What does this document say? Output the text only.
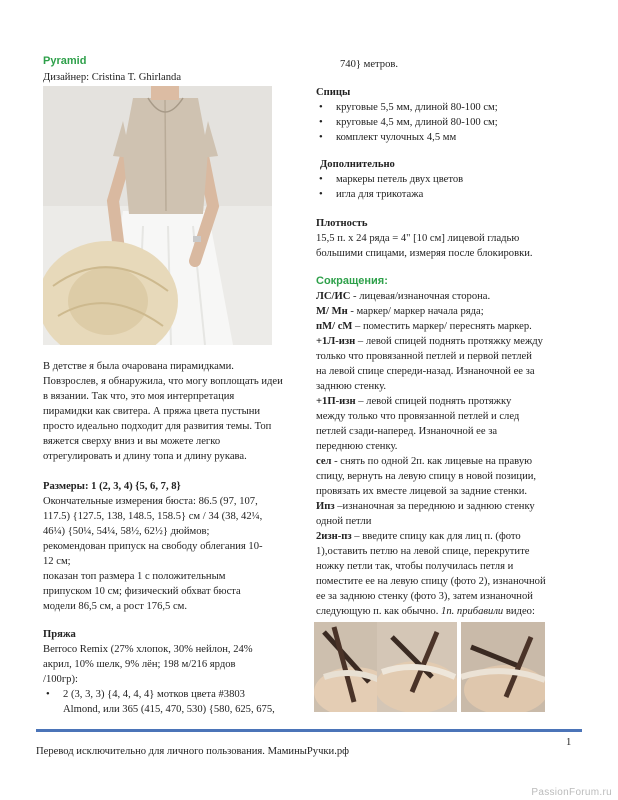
Pyramid
Дизайнер: Cristina T. Ghirlanda
В детстве я была очарована пирамидками. Повзрослев, я обнаружила, что могу воплощать идеи в вязании. Так что, это моя интерпретация пирамидки как свитера. А пряжа цвета пустыни просто идеально подходит для развития темы. Топ вяжется сверху вниз и вы можете легко отрегулировать и длину топа и длину рукава.
Размеры: 1 (2, 3, 4) {5, 6, 7, 8}
Окончательные измерения бюста: 86.5 (97, 107,
117.5) {127.5, 138, 148.5, 158.5} см / 34 (38, 42¼,
46¼) {50¼, 54¼, 58½, 62½} дюймов;
рекомендован припуск на свободу облегания 10-
12 см;
показан топ размера 1 с положительным
припуском 10 см; физический обхват бюста
модели 86,5 см, а рост 176,5 см.
Пряжа
Berroco Remix (27% хлопок, 30% нейлон, 24%
акрил, 10% шелк, 9% лён; 198 м/216 ярдов
/100гр):
• 2 (3, 3, 3) {4, 4, 4, 4} мотков цвета #3803
Almond, или 365 (415, 470, 530) {580, 625, 675,
740} метров.
Спицы
• круговые 5,5 мм, длиной 80-100 см;
• круговые 4,5 мм, длиной 80-100 см;
• комплект чулочных 4,5 мм
Дополнительно
• маркеры петель двух цветов
• игла для трикотажа
Плотность
15,5 п. х 24 ряда = 4" [10 см] лицевой гладью
большими спицами, измеряя после блокировки.
Сокращения:
ЛС/ИС - лицевая/изнаночная сторона.
М/ Мн - маркер/ маркер начала ряда;
пМ/ сМ – поместить маркер/ переснять маркер.
+1Л-изн – левой спицей поднять протяжку между
только что провязанной петлей и первой петлей
на левой спице спереди-назад. Изнаночной ее за
заднюю стенку.
+1П-изн – левой спицей поднять протяжку
между только что провязанной петлей и след
петлей сзади-наперед. Изнаночной ее за
переднюю стенку.
сел - снять по одной 2п. как лицевые на правую
спицу, вернуть на левую спицу в новой позиции,
провязать их вместе лицевой за задние стенки.
Ипз –изнаночная за переднюю и заднюю стенку
одной петли
2изн-пз – введите спицу как для лиц п. (фото
1),оставить петлю на левой спице, перекрутите
ножку петли так, чтобы получилась петля и
поместите ее на левую спицу (фото 2), изнаночной
ее за заднюю стенку (фото 3), затем изнаночной
следующую п. как обычно. 1п. прибавили видео:
1
Перевод исключительно для личного пользования. МаминыРучки.рф
PassionForum.ru
